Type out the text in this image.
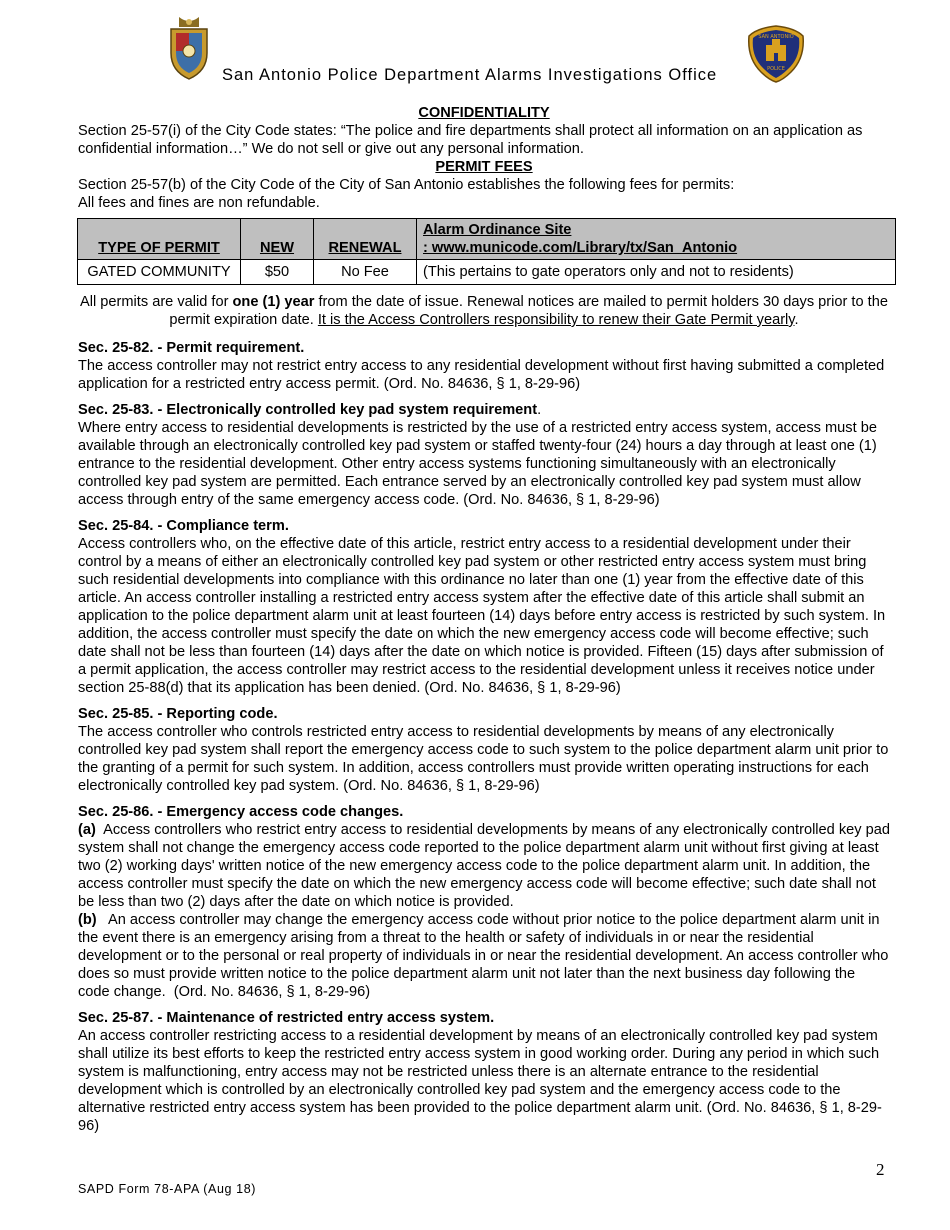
San Antonio Police Department Alarms Investigations Office
SAN ANTONIO
POLICE
CONFIDENTIALITY

Section 25-57(i) of the City Code states: “The police and fire departments shall protect all information on an application as confidential information…” We do not sell or give out any personal information.

PERMIT FEES

Section 25-57(b) of the City Code of the City of San Antonio establishes the following fees for permits:

All fees and fines are non refundable.

TYPE OF PERMIT	NEW	RENEWAL	Alarm Ordinance Site
: www.municode.com/Library/tx/San_Antonio
GATED COMMUNITY	$50	No Fee	(This pertains to gate operators only and not to residents)

All permits are valid for one (1) year from the date of issue. Renewal notices are mailed to permit holders 30 days prior to the permit expiration date. It is the Access Controllers responsibility to renew their Gate Permit yearly.

Sec. 25-82. - Permit requirement.

The access controller may not restrict entry access to any residential development without first having submitted a completed application for a restricted entry access permit. (Ord. No. 84636, § 1, 8-29-96)

Sec. 25-83. - Electronically controlled key pad system requirement.

Where entry access to residential developments is restricted by the use of a restricted entry access system, access must be available through an electronically controlled key pad system or staffed twenty-four (24) hours a day through at least one (1) entrance to the residential development. Other entry access systems functioning simultaneously with an electronically controlled key pad system are permitted. Each entrance served by an electronically controlled key pad system must allow access through entry of the same emergency access code. (Ord. No. 84636, § 1, 8-29-96)

Sec. 25-84. - Compliance term.

Access controllers who, on the effective date of this article, restrict entry access to a residential development under their control by a means of either an electronically controlled key pad system or other restricted entry access system must bring such residential developments into compliance with this ordinance no later than one (1) year from the effective date of this article. An access controller installing a restricted entry access system after the effective date of this article shall submit an application to the police department alarm unit at least fourteen (14) days before entry access is restricted by such system. In addition, the access controller must specify the date on which the new emergency access code will become effective; such date shall not be less than fourteen (14) days after the date on which notice is provided. Fifteen (15) days after submission of a permit application, the access controller may restrict access to the residential development unless it receives notice under section 25-88(d) that its application has been denied. (Ord. No. 84636, § 1, 8-29-96)

Sec. 25-85. - Reporting code.

The access controller who controls restricted entry access to residential developments by means of any electronically controlled key pad system shall report the emergency access code to such system to the police department alarm unit prior to the granting of a permit for such system. In addition, access controllers must provide written operating instructions for each electronically controlled key pad system. (Ord. No. 84636, § 1, 8-29-96)

Sec. 25-86. - Emergency access code changes.

(a)  Access controllers who restrict entry access to residential developments by means of any electronically controlled key pad system shall not change the emergency access code reported to the police department alarm unit without first giving at least two (2) working days' written notice of the new emergency access code to the police department alarm unit. In addition, the access controller must specify the date on which the new emergency access code will become effective; such date shall not be less than two (2) days after the date on which notice is provided.

(b)   An access controller may change the emergency access code without prior notice to the police department alarm unit in the event there is an emergency arising from a threat to the health or safety of individuals in or near the residential development or to the personal or real property of individuals in or near the residential development. An access controller who does so must provide written notice to the police department alarm unit not later than the next business day following the code change.  (Ord. No. 84636, § 1, 8-29-96)

Sec. 25-87. - Maintenance of restricted entry access system.

An access controller restricting access to a residential development by means of an electronically controlled key pad system shall utilize its best efforts to keep the restricted entry access system in good working order. During any period in which such system is malfunctioning, entry access may not be restricted unless there is an alternate entrance to the residential development which is controlled by an electronically controlled key pad system and the emergency access code to the alternative restricted entry access system has been provided to the police department alarm unit. (Ord. No. 84636, § 1, 8-29-96)

2
SAPD Form 78-APA (Aug 18)
